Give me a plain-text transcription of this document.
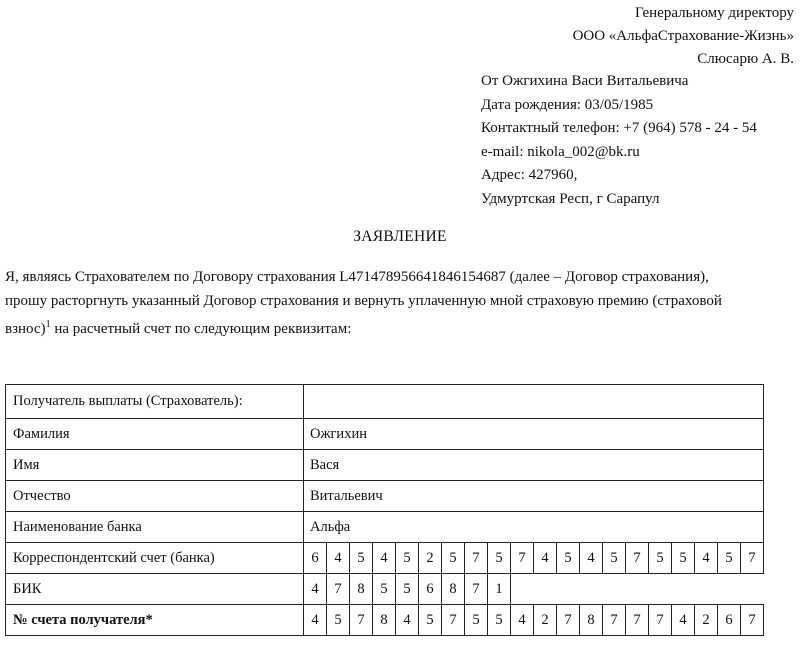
Генеральному директору
ООО «АльфаСтрахование-Жизнь»
Слюсарю А. В.
От Ожгихина Васи Витальевича
Дата рождения: 03/05/1985
Контактный телефон: +7 (964) 578 - 24 - 54
e-mail: nikola_002@bk.ru
Адрес: 427960,
Удмуртская Респ, г Сарапул
ЗАЯВЛЕНИЕ
Я, являясь Страхователем по Договору страхования L471478956641846154687 (далее – Договор страхования),
прошу расторгнуть указанный Договор страхования и вернуть уплаченную мной страховую премию (страховой
взнос)$^1$ на расчетный счет по следующим реквизитам:
Получатель выплаты (Страхователь):																				
Фамилия	Ожгихин																			
Имя	Вася																			
Отчество	Витальевич																			
Наименование банка	Альфа																			
Корреспондентский счет (банка)	6	4	5	4	5	2	5	7	5	7	4	5	4	5	7	5	5	4	5	7
БИК	4	7	8	5	5	6	8	7	1											
№ счета получателя*	4	5	7	8	4	5	7	5	5	4	2	7	8	7	7	7	4	2	6	7
